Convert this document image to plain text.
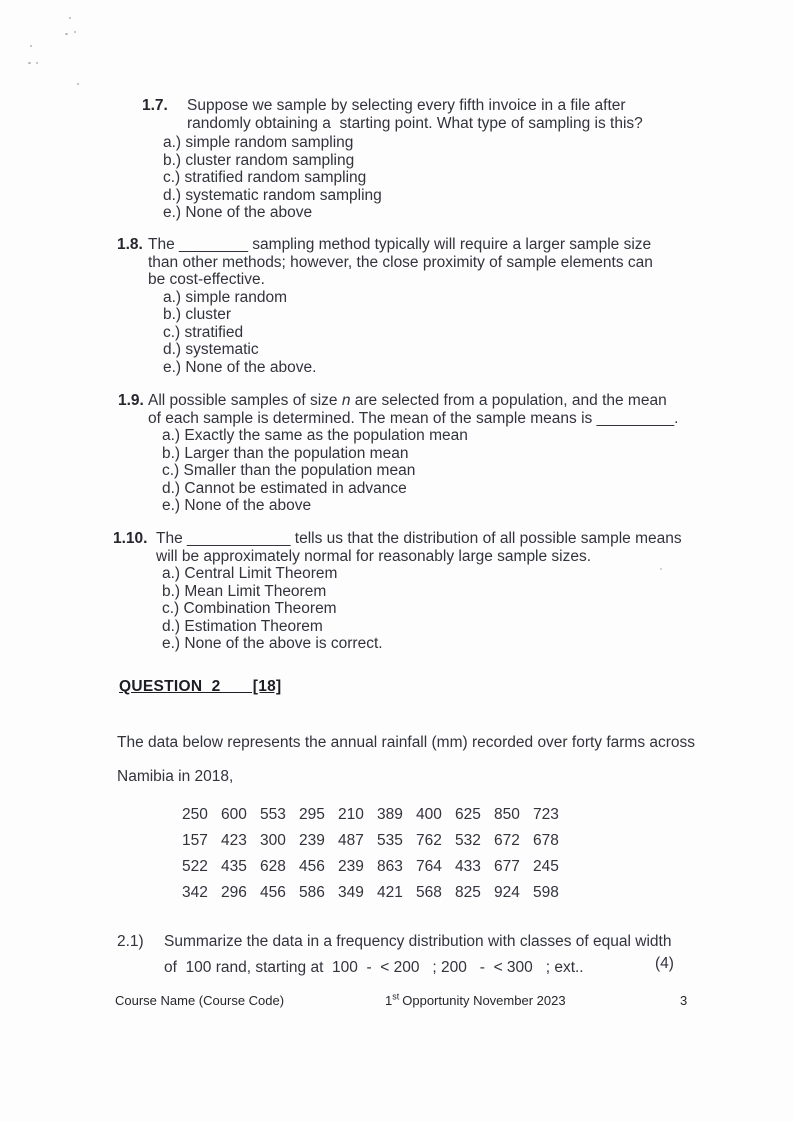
1.7.	Suppose we sample by selecting every fifth invoice in a file after
randomly obtaining a  starting point. What type of sampling is this?
a.) simple random sampling
b.) cluster random sampling
c.) stratified random sampling
d.) systematic random sampling
e.) None of the above
1.8. The ________ sampling method typically will require a larger sample size
than other methods; however, the close proximity of sample elements can
be cost-effective.
a.) simple random
b.) cluster
c.) stratified
d.) systematic
e.) None of the above.
1.9. All possible samples of size n are selected from a population, and the mean
of each sample is determined. The mean of the sample means is _________.
a.) Exactly the same as the population mean
b.) Larger than the population mean
c.) Smaller than the population mean
d.) Cannot be estimated in advance
e.) None of the above
1.10. The ____________ tells us that the distribution of all possible sample means
will be approximately normal for reasonably large sample sizes.
a.) Central Limit Theorem
b.) Mean Limit Theorem
c.) Combination Theorem
d.) Estimation Theorem
e.) None of the above is correct.
QUESTION  2       [18]
The data below represents the annual rainfall (mm) recorded over forty farms across
Namibia in 2018,
250 600 553 295 210 389 400 625 850 723
157 423 300 239 487 535 762 532 672 678
522 435 628 456 239 863 764 433 677 245
342 296 456 586 349 421 568 825 924 598
2.1)	Summarize the data in a frequency distribution with classes of equal width
of  100 rand, starting at  100  -  < 200   ; 200   -  < 300   ; ext..	(4)
Course Name (Course Code)	1st Opportunity November 2023	3
